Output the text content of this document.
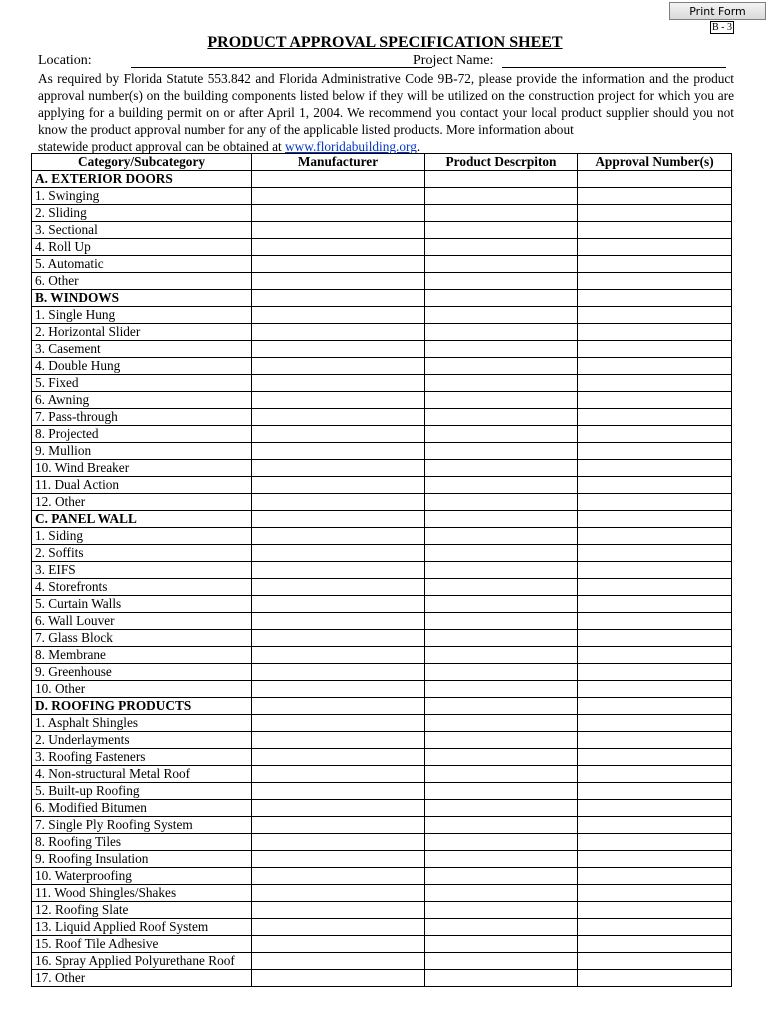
Print Form
B - 3
PRODUCT APPROVAL SPECIFICATION SHEET
Location:	Project Name:
As required by Florida Statute 553.842 and Florida Administrative Code 9B-72, please provide the information and the product approval number(s) on the building components listed below if they will be utilized on the construction project for which you are applying for a building permit on or after April 1, 2004. We recommend you contact your local product supplier should you not know the product approval number for any of the applicable listed products. More information about
statewide product approval can be obtained at www.floridabuilding.org.
Category/Subcategory	Manufacturer	Product Descrpiton	Approval Number(s)
A. EXTERIOR DOORS			
1. Swinging			
2. Sliding			
3. Sectional			
4. Roll Up			
5. Automatic			
6. Other			
B. WINDOWS			
1. Single Hung			
2. Horizontal Slider			
3. Casement			
4. Double Hung			
5. Fixed			
6. Awning			
7. Pass-through			
8. Projected			
9. Mullion			
10. Wind Breaker			
11. Dual Action			
12. Other			
C. PANEL WALL			
1. Siding			
2. Soffits			
3. EIFS			
4. Storefronts			
5. Curtain Walls			
6. Wall Louver			
7. Glass Block			
8. Membrane			
9. Greenhouse			
10. Other			
D. ROOFING PRODUCTS			
1. Asphalt Shingles			
2. Underlayments			
3. Roofing Fasteners			
4. Non-structural Metal Roof			
5. Built-up Roofing			
6. Modified Bitumen			
7. Single Ply Roofing System			
8. Roofing Tiles			
9. Roofing Insulation			
10. Waterproofing			
11. Wood Shingles/Shakes			
12. Roofing Slate			
13. Liquid Applied Roof System			
15. Roof Tile Adhesive			
16. Spray Applied Polyurethane Roof			
17. Other			
